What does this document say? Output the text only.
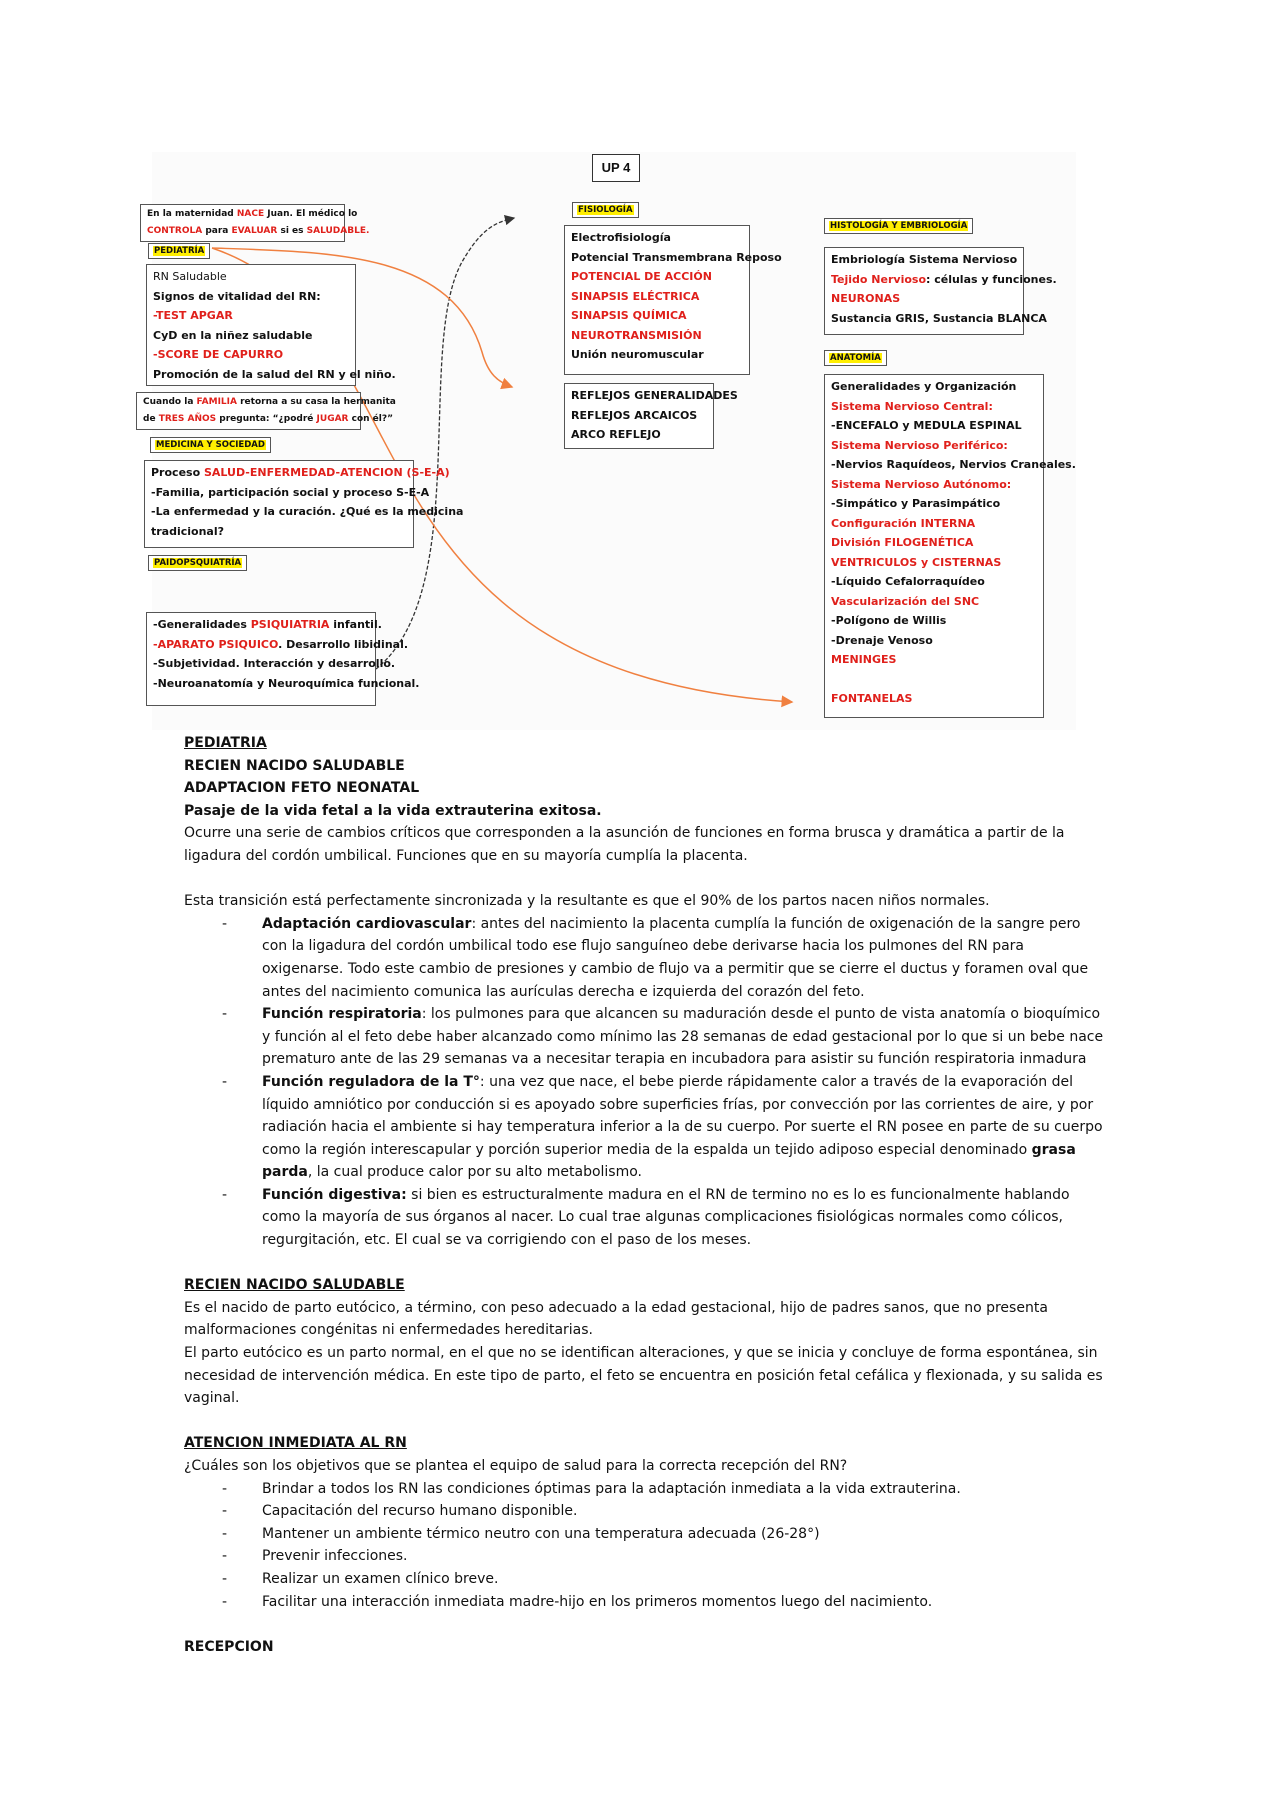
UP 4
En la maternidad NACE Juan. El médico lo
CONTROLA para EVALUAR si es SALUDABLE.
PEDIATRÍA
RN Saludable
Signos de vitalidad del RN:
-TEST APGAR
CyD en la niñez saludable
-SCORE DE CAPURRO
Promoción de la salud del RN y el niño.
Cuando la FAMILIA retorna a su casa la hermanita
de TRES AÑOS pregunta: “¿podré JUGAR con él?”
MEDICINA Y SOCIEDAD
Proceso SALUD-ENFERMEDAD-ATENCION (S-E-A)
-Familia, participación social y proceso S-E-A
-La enfermedad y la curación. ¿Qué es la medicina
tradicional?
PAIDOPSQUIATRÍA
-Generalidades PSIQUIATRIA infantil.
-APARATO PSIQUICO. Desarrollo libidinal.
-Subjetividad. Interacción y desarrollo.
-Neuroanatomía y Neuroquímica funcional.
FISIOLOGÍA
Electrofisiología
Potencial Transmembrana Reposo
POTENCIAL DE ACCIÓN
SINAPSIS ELÉCTRICA
SINAPSIS QUÍMICA
NEUROTRANSMISIÓN
Unión neuromuscular
REFLEJOS GENERALIDADES
REFLEJOS ARCAICOS
ARCO REFLEJO
HISTOLOGÍA Y EMBRIOLOGÍA
Embriología Sistema Nervioso
Tejido Nervioso: células y funciones.
NEURONAS
Sustancia GRIS, Sustancia BLANCA
ANATOMÍA
Generalidades y Organización
Sistema Nervioso Central:
-ENCEFALO y MEDULA ESPINAL
Sistema Nervioso Periférico:
-Nervios Raquídeos, Nervios Craneales.
Sistema Nervioso Autónomo:
-Simpático y Parasimpático
Configuración INTERNA
División FILOGENÉTICA
VENTRICULOS y CISTERNAS
-Líquido Cefalorraquídeo
Vascularización del SNC
-Polígono de Willis
-Drenaje Venoso
MENINGES

FONTANELAS

PEDIATRIA

RECIEN NACIDO SALUDABLE

ADAPTACION FETO NEONATAL

Pasaje de la vida fetal a la vida extrauterina exitosa.

Ocurre una serie de cambios críticos que corresponden a la asunción de funciones en forma brusca y dramática a partir de la ligadura del cordón umbilical. Funciones que en su mayoría cumplía la placenta.

Esta transición está perfectamente sincronizada y la resultante es que el 90% de los partos nacen niños normales.

- Adaptación cardiovascular: antes del nacimiento la placenta cumplía la función de oxigenación de la sangre pero con la ligadura del cordón umbilical todo ese flujo sanguíneo debe derivarse hacia los pulmones del RN para oxigenarse. Todo este cambio de presiones y cambio de flujo va a permitir que se cierre el ductus y foramen oval que antes del nacimiento comunica las aurículas derecha e izquierda del corazón del feto.
- Función respiratoria: los pulmones para que alcancen su maduración desde el punto de vista anatomía o bioquímico y función al el feto debe haber alcanzado como mínimo las 28 semanas de edad gestacional por lo que si un bebe nace prematuro ante de las 29 semanas va a necesitar terapia en incubadora para asistir su función respiratoria inmadura
- Función reguladora de la T°: una vez que nace, el bebe pierde rápidamente calor a través de la evaporación del líquido amniótico por conducción si es apoyado sobre superficies frías, por convección por las corrientes de aire, y por radiación hacia el ambiente si hay temperatura inferior a la de su cuerpo. Por suerte el RN posee en parte de su cuerpo como la región interescapular y porción superior media de la espalda un tejido adiposo especial denominado grasa parda, la cual produce calor por su alto metabolismo.
- Función digestiva: si bien es estructuralmente madura en el RN de termino no es lo es funcionalmente hablando como la mayoría de sus órganos al nacer. Lo cual trae algunas complicaciones fisiológicas normales como cólicos, regurgitación, etc. El cual se va corrigiendo con el paso de los meses.

RECIEN NACIDO SALUDABLE

Es el nacido de parto eutócico, a término, con peso adecuado a la edad gestacional, hijo de padres sanos, que no presenta malformaciones congénitas ni enfermedades hereditarias.

El parto eutócico es un parto normal, en el que no se identifican alteraciones, y que se inicia y concluye de forma espontánea, sin necesidad de intervención médica. En este tipo de parto, el feto se encuentra en posición fetal cefálica y flexionada, y su salida es vaginal.

ATENCION INMEDIATA AL RN

¿Cuáles son los objetivos que se plantea el equipo de salud para la correcta recepción del RN?

- Brindar a todos los RN las condiciones óptimas para la adaptación inmediata a la vida extrauterina.
- Capacitación del recurso humano disponible.
- Mantener un ambiente térmico neutro con una temperatura adecuada (26-28°)
- Prevenir infecciones.
- Realizar un examen clínico breve.
- Facilitar una interacción inmediata madre-hijo en los primeros momentos luego del nacimiento.

RECEPCION
